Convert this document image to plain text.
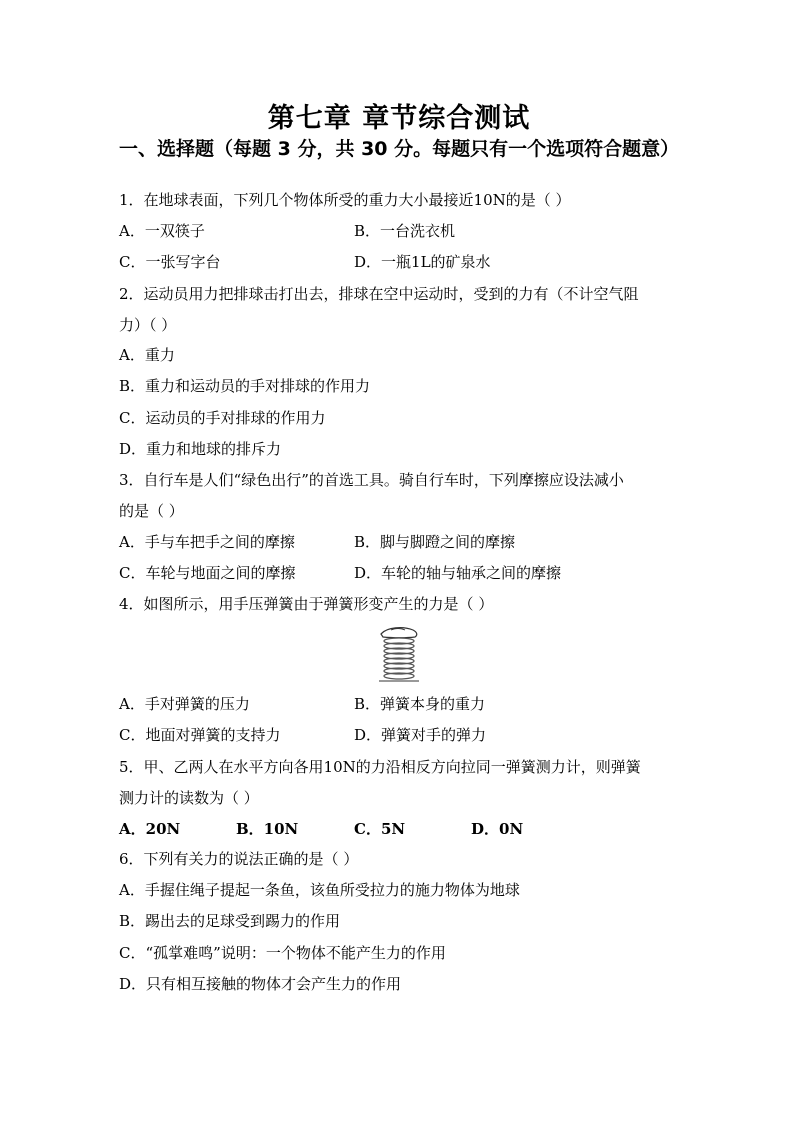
第七章 章节综合测试
一、选择题（每题 3 分，共 30 分。每题只有一个选项符合题意）
1．在地球表面，下列几个物体所受的重力大小最接近10N的是（ ）
A．一双筷子	B．一台洗衣机
C．一张写字台	D．一瓶1L的矿泉水
2．运动员用力把排球击打出去，排球在空中运动时，受到的力有（不计空气阻
力）（ ）
A．重力
B．重力和运动员的手对排球的作用力
C．运动员的手对排球的作用力
D．重力和地球的排斥力
3．自行车是人们“绿色出行”的首选工具。骑自行车时，下列摩擦应设法减小
的是（ ）
A．手与车把手之间的摩擦	B．脚与脚蹬之间的摩擦
C．车轮与地面之间的摩擦	D．车轮的轴与轴承之间的摩擦
4．如图所示，用手压弹簧由于弹簧形变产生的力是（ ）
A．手对弹簧的压力	B．弹簧本身的重力
C．地面对弹簧的支持力	D．弹簧对手的弹力
5．甲、乙两人在水平方向各用10N的力沿相反方向拉同一弹簧测力计，则弹簧
测力计的读数为（ ）
A．20N	B．10N	C．5N	D．0N
6．下列有关力的说法正确的是（ ）
A．手握住绳子提起一条鱼，该鱼所受拉力的施力物体为地球
B．踢出去的足球受到踢力的作用
C．“孤掌难鸣”说明：一个物体不能产生力的作用
D．只有相互接触的物体才会产生力的作用
